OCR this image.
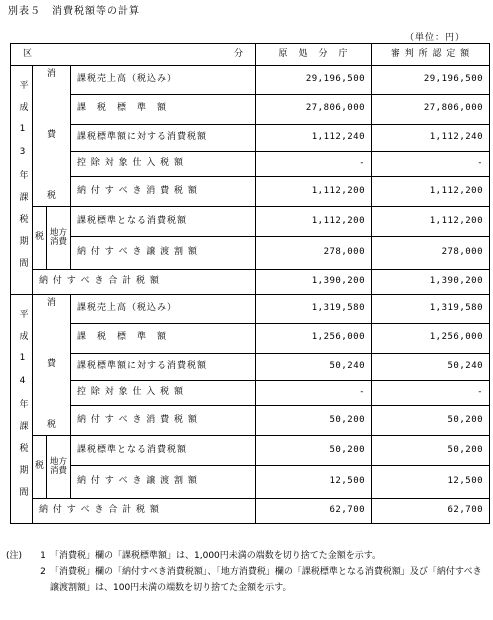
別表５　消費税額等の計算
（単位：円）
区 分				原　処　分　庁	審 判 所 認 定 額

平成13年課税期間	消
費
税		課税売上高（税込み）	29,196,500	29,196,500
			課　税　標　準　額	27,806,000	27,806,000
			課税標準額に対する消費税額	1,112,240	1,112,240
			控 除 対 象 仕 入 税 額	-	-
			納 付 す べ き 消 費 税 額	1,112,200	1,112,200
	税	地方消費	課税標準となる消費税額	1,112,200	1,112,200
			納 付 す べ き 譲 渡 割 額	278,000	278,000
	納 付 す べ き 合 計 税 額			1,390,200	1,390,200

平成14年課税期間	消
費
税		課税売上高（税込み）	1,319,580	1,319,580
			課　税　標　準　額	1,256,000	1,256,000
			課税標準額に対する消費税額	50,240	50,240
			控 除 対 象 仕 入 税 額	-	-
			納 付 す べ き 消 費 税 額	50,200	50,200
	税	地方消費	課税標準となる消費税額	50,200	50,200
			納 付 す べ き 譲 渡 割 額	12,500	12,500
	納 付 す べ き 合 計 税 額			62,700	62,700
(注)	1 「消費税」欄の「課税標準額」は、1,000円未満の端数を切り捨てた金額を示す。
2 「消費税」欄の「納付すべき消費税額」、「地方消費税」欄の「課税標準となる消費税額」及び「納付すべき譲渡割額」は、100円未満の端数を切り捨てた金額を示す。
